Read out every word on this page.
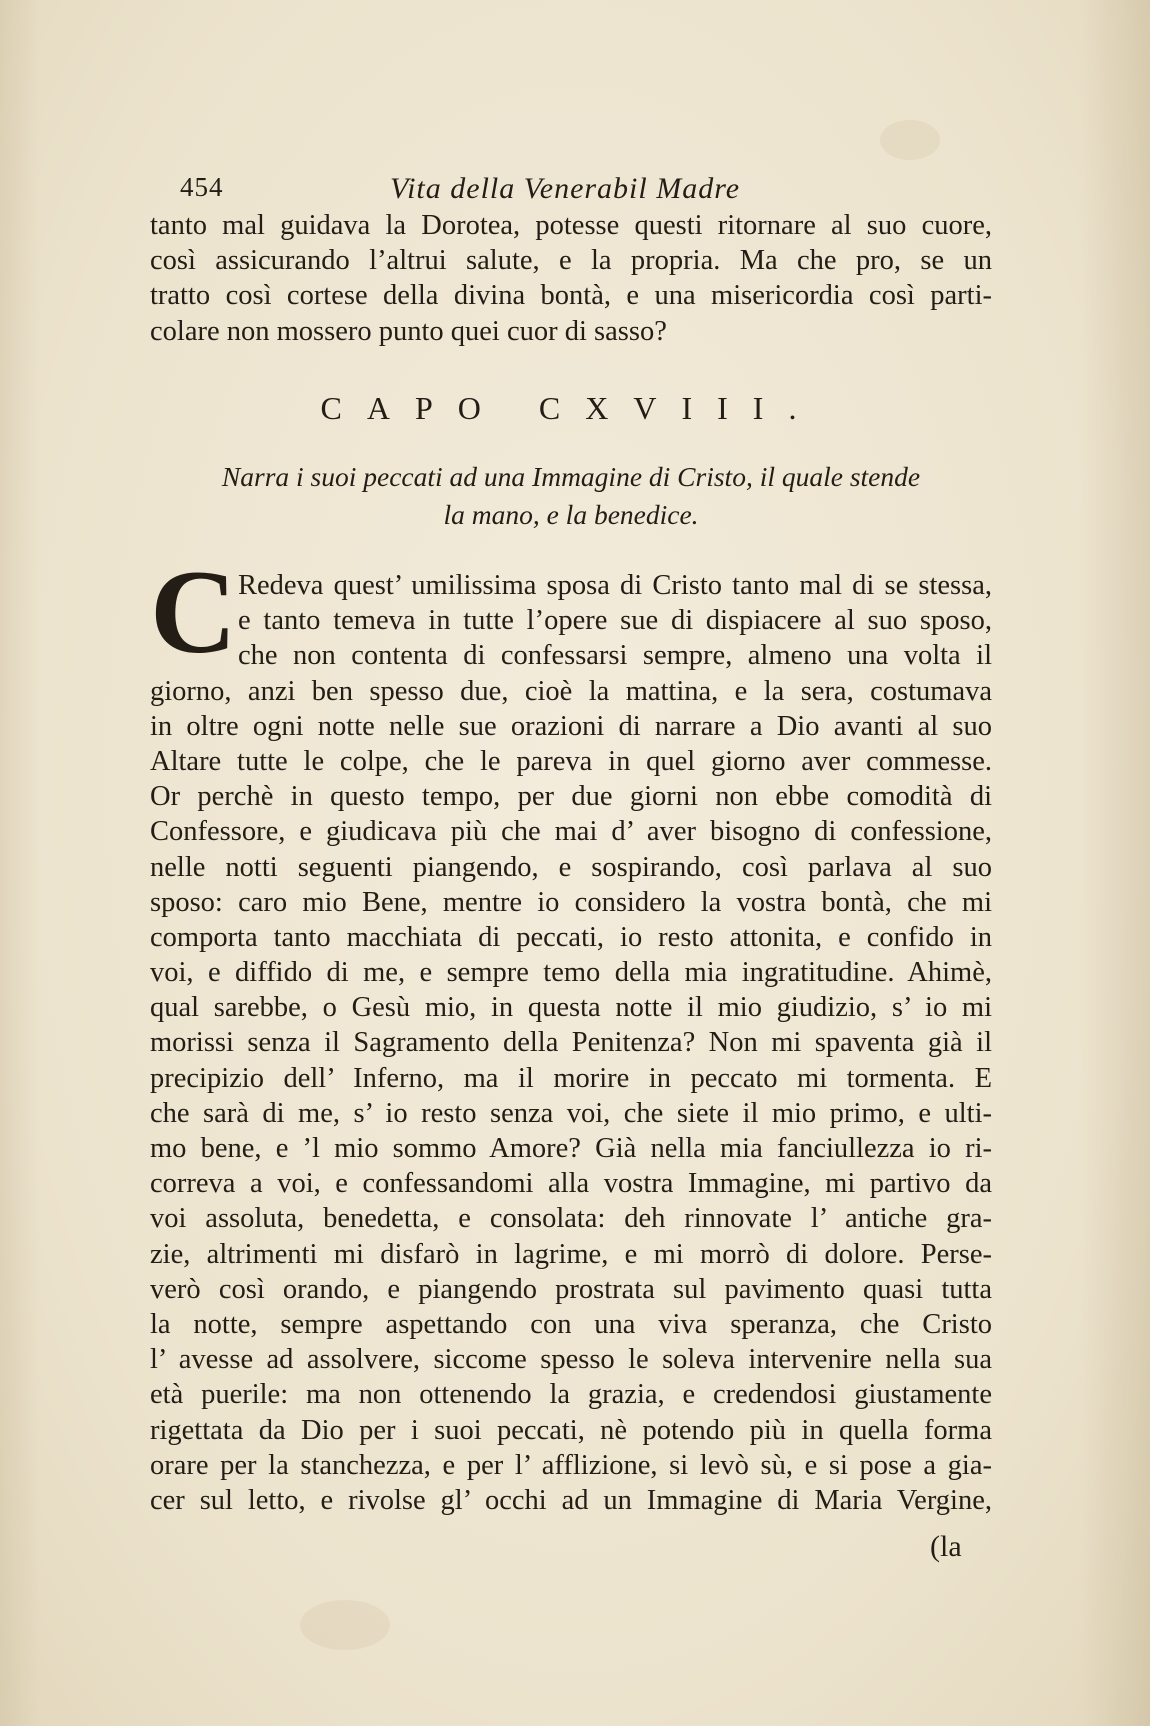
454	Vita della Venerabil Madre
tanto mal guidava la Dorotea, potesse questi ritornare al suo cuore,
così assicurando l’altrui salute, e la propria. Ma che pro, se un
tratto così cortese della divina bontà, e una misericordia così parti-
colare non mossero punto quei cuor di sasso?
CAPO CXVIII.
Narra i suoi peccati ad una Immagine di Cristo, il quale stende
la mano, e la benedice.
C Redeva quest’ umilissima sposa di Cristo tanto mal di se stessa,
e tanto temeva in tutte l’opere sue di dispiacere al suo sposo,
che non contenta di confessarsi sempre, almeno una volta il
giorno, anzi ben spesso due, cioè la mattina, e la sera, costumava
in oltre ogni notte nelle sue orazioni di narrare a Dio avanti al suo
Altare tutte le colpe, che le pareva in quel giorno aver commesse.
Or perchè in questo tempo, per due giorni non ebbe comodità di
Confessore, e giudicava più che mai d’ aver bisogno di confessione,
nelle notti seguenti piangendo, e sospirando, così parlava al suo
sposo: caro mio Bene, mentre io considero la vostra bontà, che mi
comporta tanto macchiata di peccati, io resto attonita, e confido in
voi, e diffido di me, e sempre temo della mia ingratitudine. Ahimè,
qual sarebbe, o Gesù mio, in questa notte il mio giudizio, s’ io mi
morissi senza il Sagramento della Penitenza? Non mi spaventa già il
precipizio dell’ Inferno, ma il morire in peccato mi tormenta. E
che sarà di me, s’ io resto senza voi, che siete il mio primo, e ulti-
mo bene, e ’l mio sommo Amore? Già nella mia fanciullezza io ri-
correva a voi, e confessandomi alla vostra Immagine, mi partivo da
voi assoluta, benedetta, e consolata: deh rinnovate l’ antiche gra-
zie, altrimenti mi disfarò in lagrime, e mi morrò di dolore. Perse-
verò così orando, e piangendo prostrata sul pavimento quasi tutta
la notte, sempre aspettando con una viva speranza, che Cristo
l’ avesse ad assolvere, siccome spesso le soleva intervenire nella sua
età puerile: ma non ottenendo la grazia, e credendosi giustamente
rigettata da Dio per i suoi peccati, nè potendo più in quella forma
orare per la stanchezza, e per l’ afflizione, si levò sù, e si pose a gia-
cer sul letto, e rivolse gl’ occhi ad un Immagine di Maria Vergine,
(la
